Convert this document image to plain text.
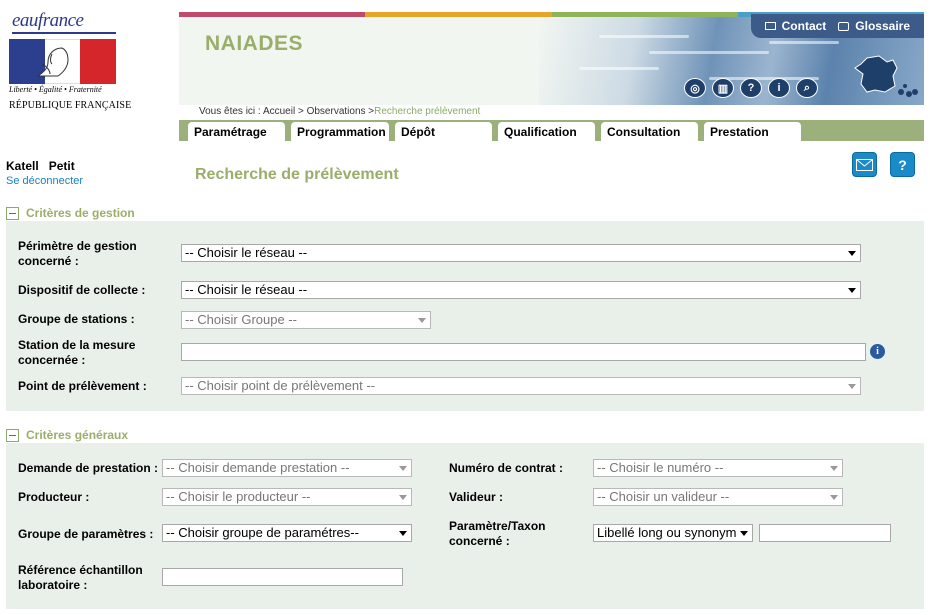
eaufrance
Liberté • Égalité • Fraternité
RÉPUBLIQUE FRANÇAISE
NAIADES
Contact Glossaire
◎	▥	?	i	⌕
Vous êtes ici : Accueil > Observations >Recherche prélèvement
Paramétrage	Programmation	Dépôt	Qualification	Consultation	Prestation
Katell Petit
Se déconnecter	Recherche de prélèvement
?
Critères de gestion
Périmètre de gestion concerné :
-- Choisir le réseau --
Dispositif de collecte :	-- Choisir le réseau --
Groupe de stations :	-- Choisir Groupe --
Station de la mesure concernée :
i
Point de prélèvement :	-- Choisir point de prélèvement --
Critères généraux
Demande de prestation : -- Choisir demande prestation --	Numéro de contrat :	-- Choisir le numéro --
Producteur :	-- Choisir le producteur --	Valideur :	-- Choisir un valideur --
Groupe de paramètres : -- Choisir groupe de paramétres--	Paramètre/Taxon concerné :
Libellé long ou synonym
Référence échantillon laboratoire :
